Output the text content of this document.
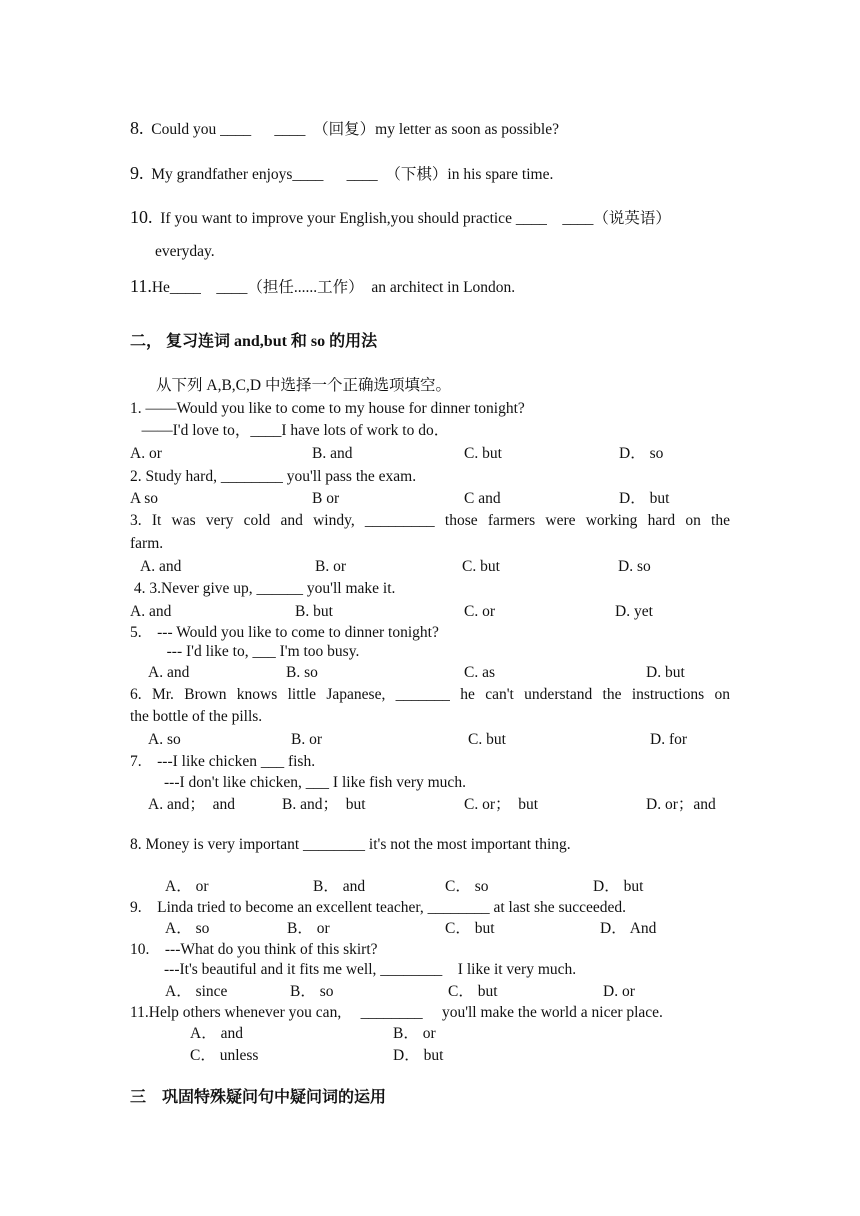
8. Could you ____      ____  （回复）my letter as soon as possible?
9. My grandfather enjoys____      ____  （下棋）in his spare time.
10. If you want to improve your English,you should practice ____    ____（说英语）
everyday.
11.He____    ____（担任......工作）  an architect in London.
二， 复习连词 and,but 和 so 的用法
从下列 A,B,C,D 中选择一个正确选项填空。
1. ——Would you like to come to my house for dinner tonight?
——I'd love to，____I have lots of work to do．
A. or	B. and	C. but	D． so
2. Study hard, ________ you'll pass the exam.
A so	B or	C and	D． but
3. It was very cold and windy, _________ those farmers were working hard on the
farm.
A. and	B. or	C. but	D. so
4. 3.Never give up, ______ you'll make it.
A. and	B. but	C. or	D. yet
5.    --- Would you like to come to dinner tonight?
--- I'd like to, ___ I'm too busy.
A. and	B. so	C. as	D. but
6. Mr. Brown knows little Japanese, _______ he can't understand the instructions on
the bottle of the pills.
A. so	B. or	C. but	D. for
7.    ---I like chicken ___ fish.
---I don't like chicken, ___ I like fish very much.
A. and；  and	B. and；  but	C. or；  but	D. or；and
8. Money is very important ________ it's not the most important thing.
A． or	B． and	C． so	D． but
9.    Linda tried to become an excellent teacher, ________ at last she succeeded.
A． so	B． or	C． but	D． And
10.    ---What do you think of this skirt?
---It's beautiful and it fits me well, ________    I like it very much.
A． since	B． so	C． but	D. or
11.Help others whenever you can,     ________     you'll make the world a nicer place.
A． and	B． or
C． unless	D． but
三    巩固特殊疑问句中疑问词的运用
